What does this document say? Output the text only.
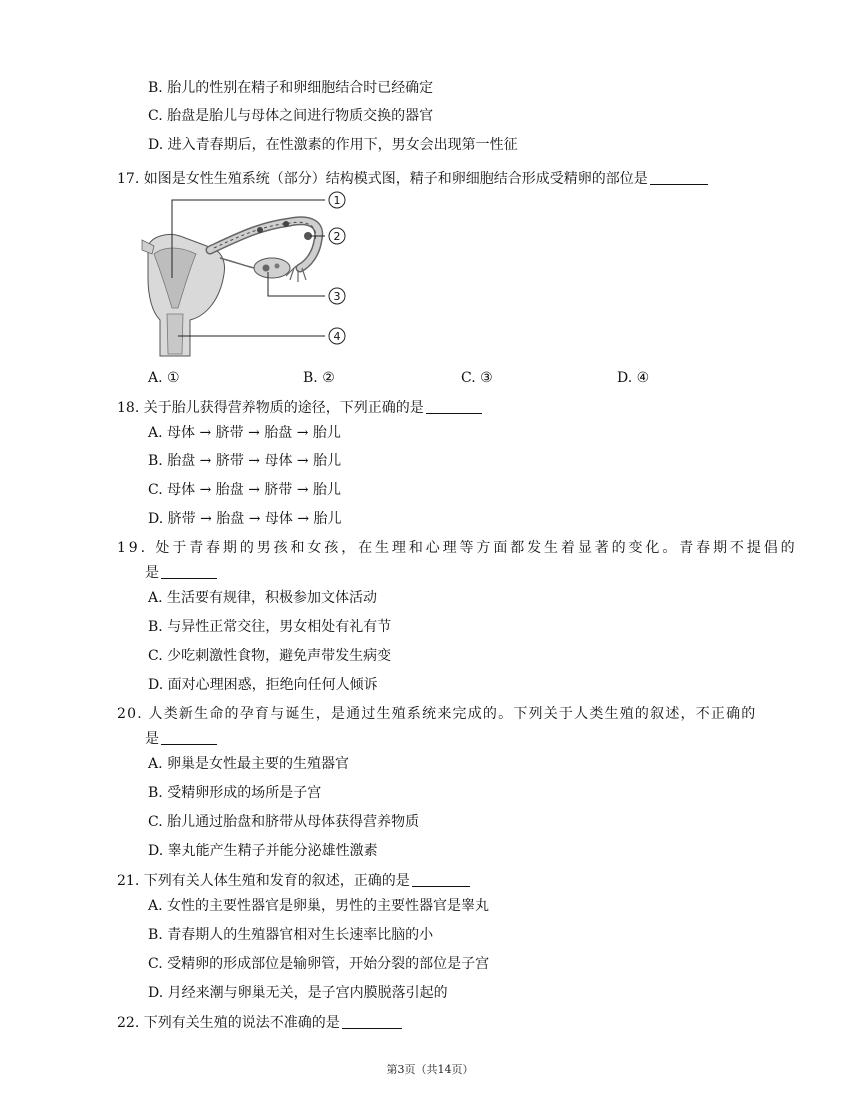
B. 胎儿的性别在精子和卵细胞结合时已经确定
C. 胎盘是胎儿与母体之间进行物质交换的器官
D. 进入青春期后，在性激素的作用下，男女会出现第一性征
17. 如图是女性生殖系统（部分）结构模式图，精子和卵细胞结合形成受精卵的部位是
1
2
3
4
A. ①	B. ②	C. ③	D. ④
18. 关于胎儿获得营养物质的途径，下列正确的是
A. 母体 → 脐带 → 胎盘 → 胎儿
B. 胎盘 → 脐带 → 母体 → 胎儿
C. 母体 → 胎盘 → 脐带 → 胎儿
D. 脐带 → 胎盘 → 母体 → 胎儿
19. 处于青春期的男孩和女孩，在生理和心理等方面都发生着显著的变化。青春期不提倡的
是
A. 生活要有规律，积极参加文体活动
B. 与异性正常交往，男女相处有礼有节
C. 少吃刺激性食物，避免声带发生病变
D. 面对心理困惑，拒绝向任何人倾诉
20. 人类新生命的孕育与诞生，是通过生殖系统来完成的。下列关于人类生殖的叙述，不正确的
是
A. 卵巢是女性最主要的生殖器官
B. 受精卵形成的场所是子宫
C. 胎儿通过胎盘和脐带从母体获得营养物质
D. 睾丸能产生精子并能分泌雄性激素
21. 下列有关人体生殖和发育的叙述，正确的是
A. 女性的主要性器官是卵巢，男性的主要性器官是睾丸
B. 青春期人的生殖器官相对生长速率比脑的小
C. 受精卵的形成部位是输卵管，开始分裂的部位是子宫
D. 月经来潮与卵巢无关，是子宫内膜脱落引起的
22. 下列有关生殖的说法不准确的是
第3页（共14页）
